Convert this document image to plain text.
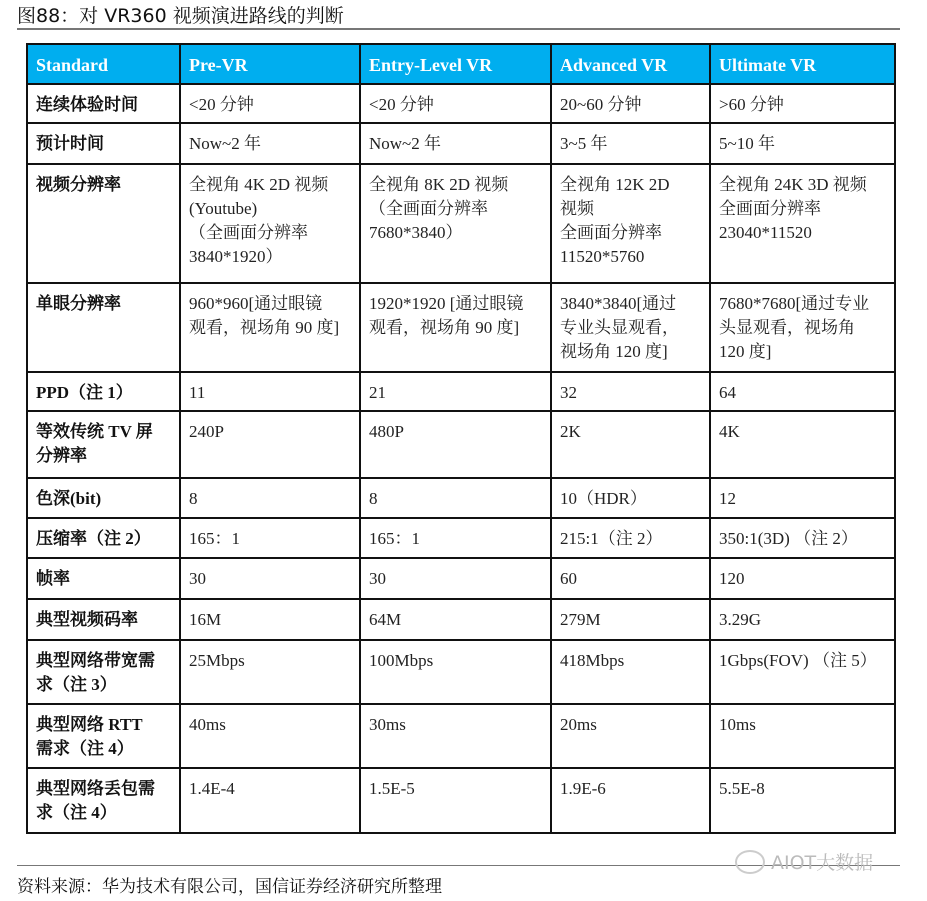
图88：对 VR360 视频演进路线的判断
Standard	Pre-VR	Entry-Level VR	Advanced VR	Ultimate VR
连续体验时间	<20 分钟	<20 分钟	20~60 分钟	>60 分钟
预计时间	Now~2 年	Now~2 年	3~5 年	5~10 年
视频分辨率	全视角 4K 2D 视频
(Youtube)
（全画面分辨率
3840*1920）	全视角 8K 2D 视频
（全画面分辨率
7680*3840）	全视角 12K 2D
视频
全画面分辨率
11520*5760	全视角 24K 3D 视频
全画面分辨率
23040*11520
单眼分辨率	960*960[通过眼镜
观看，视场角 90 度]	1920*1920 [通过眼镜
观看，视场角 90 度]	3840*3840[通过
专业头显观看，
视场角 120 度]	7680*7680[通过专业
头显观看，视场角
120 度]
PPD（注 1）	11	21	32	64
等效传统 TV 屏
分辨率	240P	480P	2K	4K
色深(bit)	8	8	10（HDR）	12
压缩率（注 2）	165：1	165：1	215:1（注 2）	350:1(3D) （注 2）
帧率	30	30	60	120
典型视频码率	16M	64M	279M	3.29G
典型网络带宽需
求（注 3）	25Mbps	100Mbps	418Mbps	1Gbps(FOV) （注 5）
典型网络 RTT
需求（注 4）	40ms	30ms	20ms	10ms
典型网络丢包需
求（注 4）	1.4E-4	1.5E-5	1.9E-6	5.5E-8
资料来源：华为技术有限公司，国信证券经济研究所整理
AIOT大数据
